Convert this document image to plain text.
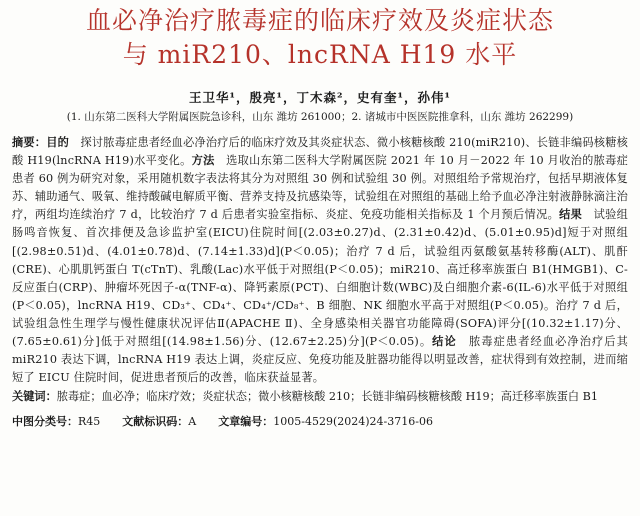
血必净治疗脓毒症的临床疗效及炎症状态
与 miR210、lncRNA H19 水平
王卫华¹，殷亮¹，丁木森²，史有奎¹，孙伟¹
(1. 山东第二医科大学附属医院急诊科，山东 潍坊 261000；2. 诸城市中医医院推拿科，山东 潍坊 262299)
摘要：目的　 探讨脓毒症患者经血必净治疗后的临床疗效及其炎症状态、微小核糖核酸 210(miR210)、长链非编码核糖核酸 H19(lncRNA H19)水平变化。方法　 选取山东第二医科大学附属医院 2021 年 10 月－2022 年 10 月收治的脓毒症患者 60 例为研究对象，采用随机数字表法将其分为对照组 30 例和试验组 30 例。对照组给予常规治疗，包括早期液体复苏、辅助通气、吸氧、维持酸碱电解质平衡、营养支持及抗感染等，试验组在对照组的基础上给予血必净注射液静脉滴注治疗，两组均连续治疗 7 d，比较治疗 7 d 后患者实验室指标、炎症、免疫功能相关指标及 1 个月预后情况。结果　 试验组肠鸣音恢复、首次排便及急诊监护室(EICU)住院时间[(2.03±0.27)d、(2.31±0.42)d、(5.01±0.95)d]短于对照组[(2.98±0.51)d、(4.01±0.78)d、(7.14±1.33)d](P＜0.05)；治疗 7 d 后，试验组丙氨酸氨基转移酶(ALT)、肌酐(CRE)、心肌肌钙蛋白 T(cTnT)、乳酸(Lac)水平低于对照组(P＜0.05)；miR210、高迁移率族蛋白 B1(HMGB1)、C-反应蛋白(CRP)、肿瘤坏死因子-α(TNF-α)、降钙素原(PCT)、白细胞计数(WBC)及白细胞介素-6(IL-6)水平低于对照组(P＜0.05)，lncRNA H19、CD₃⁺、CD₄⁺、CD₄⁺/CD₈⁺、B 细胞、NK 细胞水平高于对照组(P＜0.05)。治疗 7 d 后，试验组急性生理学与慢性健康状况评估Ⅱ(APACHE Ⅱ)、全身感染相关器官功能障碍(SOFA)评分[(10.32±1.17)分、(7.65±0.61)分]低于对照组[(14.98±1.56)分、(12.67±2.25)分](P＜0.05)。结论　 脓毒症患者经血必净治疗后其 miR210 表达下调，lncRNA H19 表达上调，炎症反应、免疫功能及脏器功能得以明显改善，症状得到有效控制，进而缩短了 EICU 住院时间，促进患者预后的改善，临床获益显著。
关键词：脓毒症；血必净；临床疗效；炎症状态；微小核糖核酸 210；长链非编码核糖核酸 H19；高迁移率族蛋白 B1
中图分类号：R45 文献标识码：A 文章编号：1005-4529(2024)24-3716-06
